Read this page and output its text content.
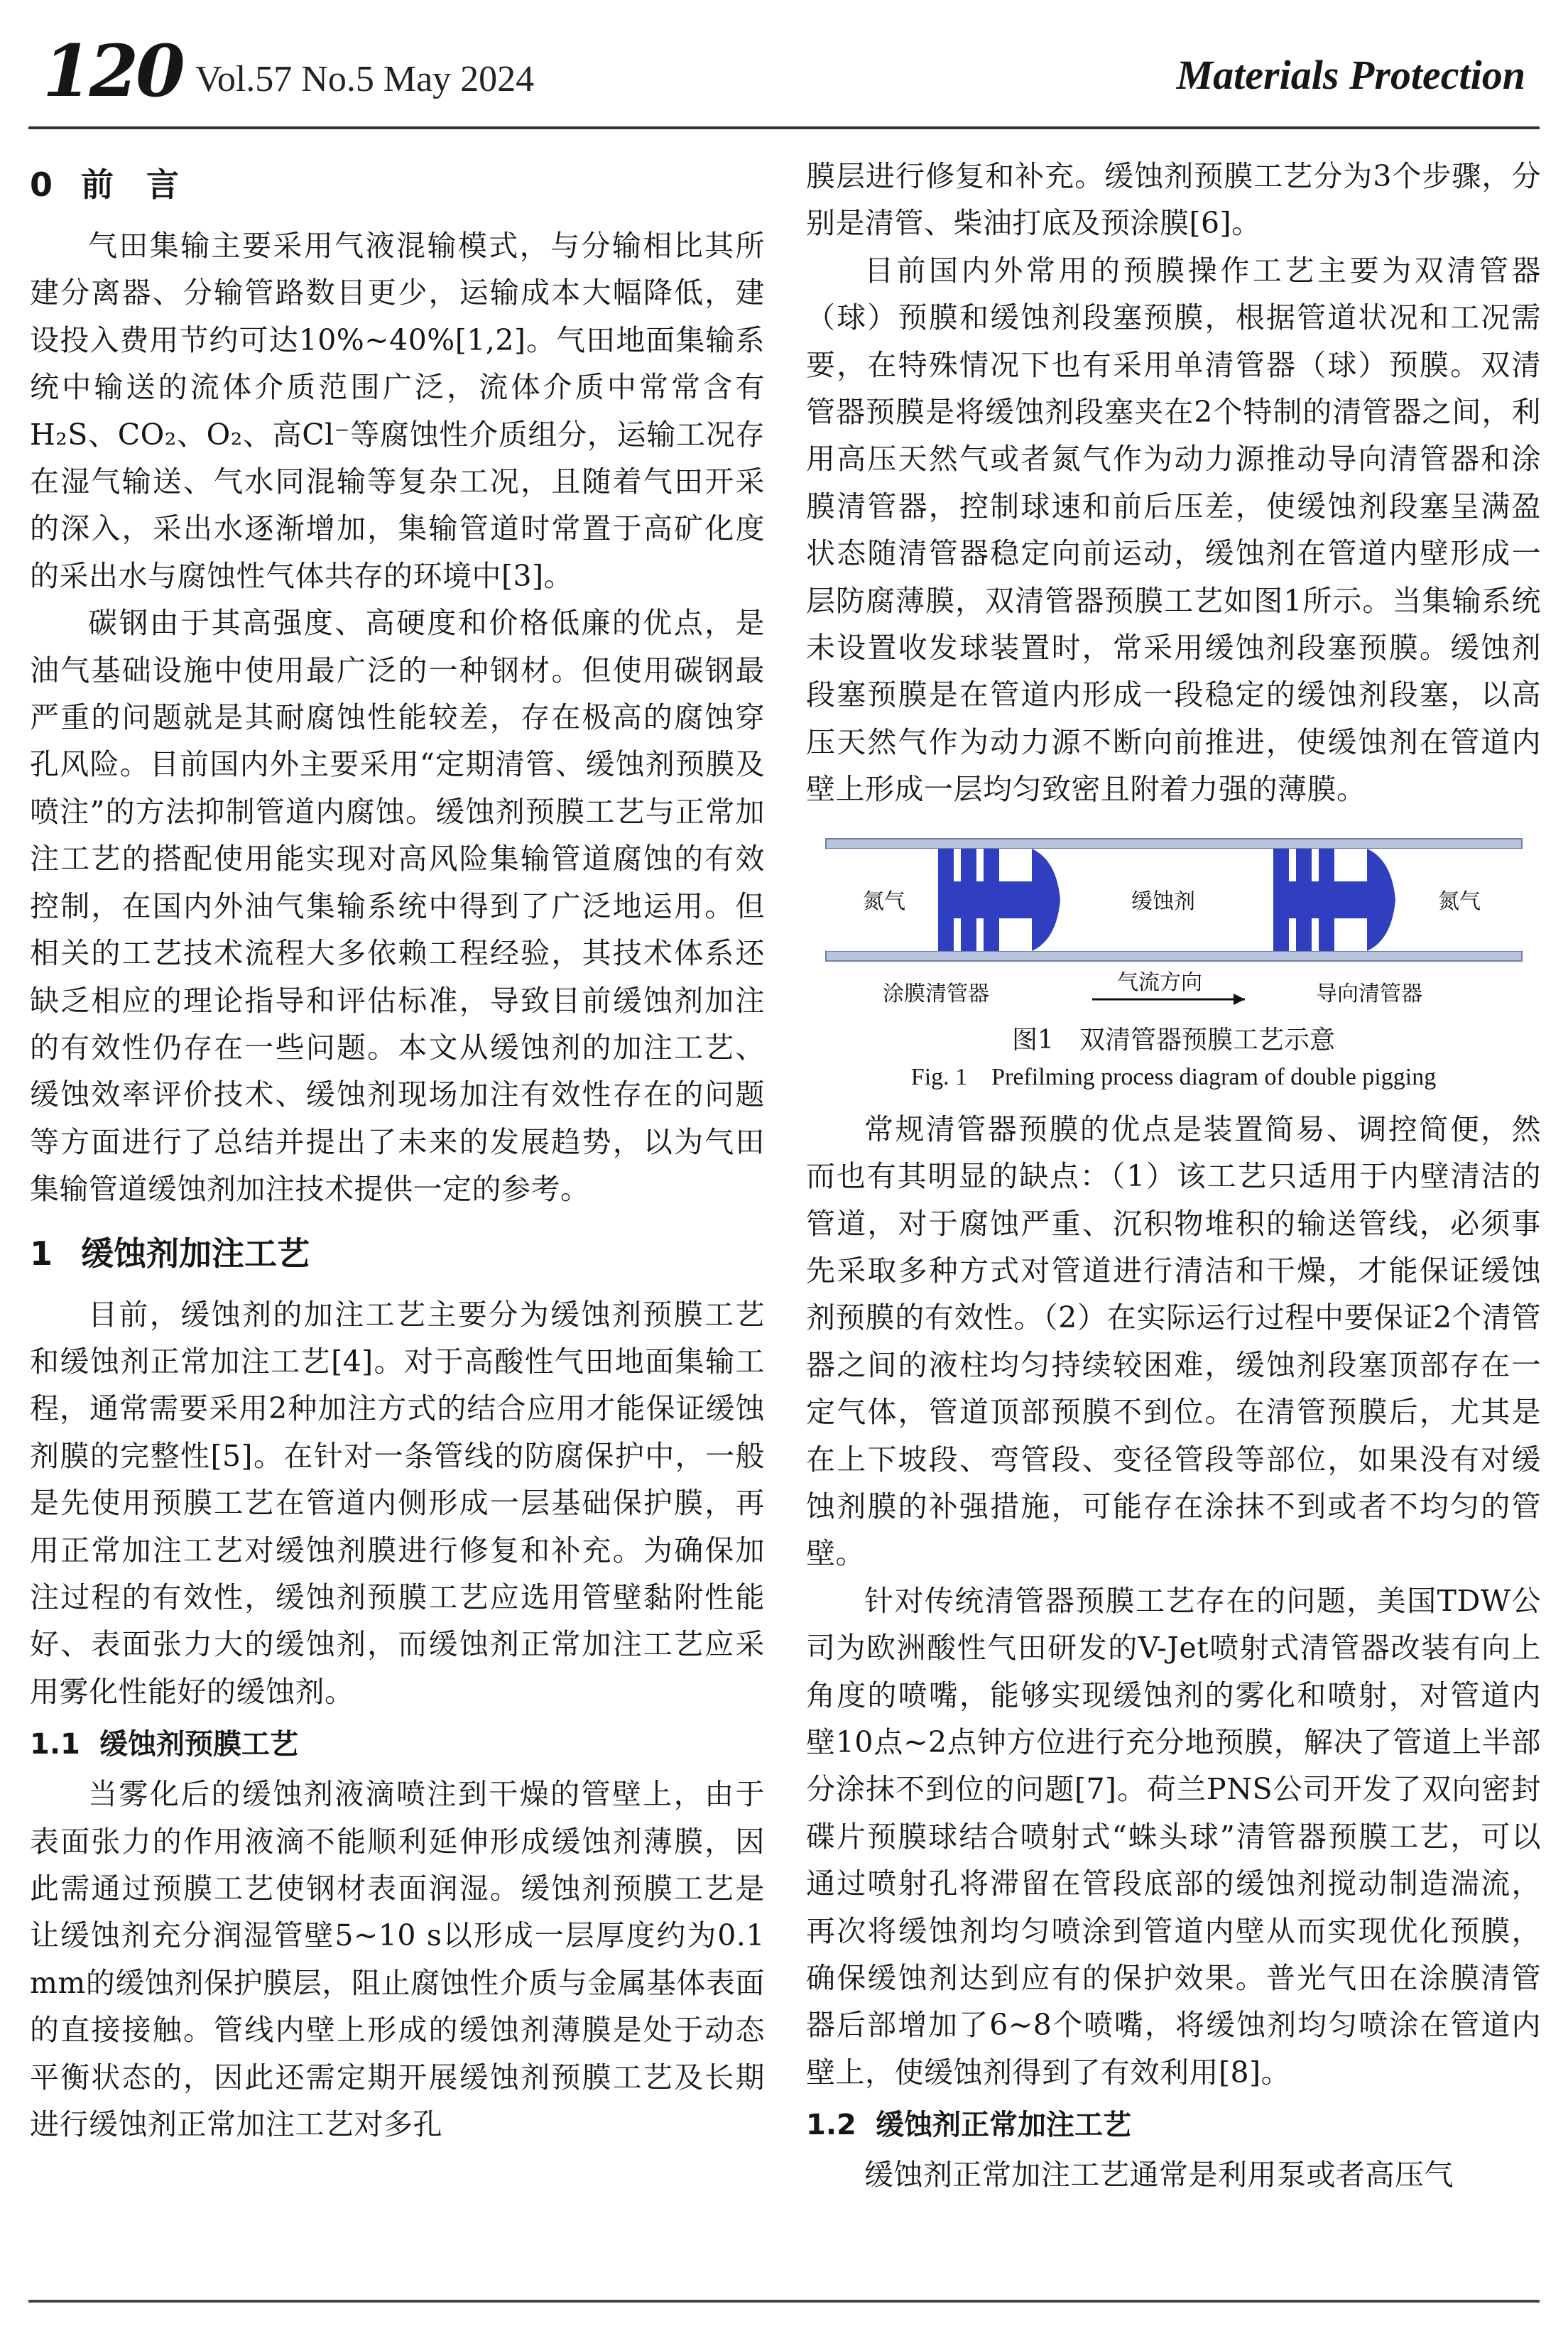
120 Vol.57 No.5 May 2024	Materials Protection
0 前　言

气田集输主要采用气液混输模式，与分输相比其所建分离器、分输管路数目更少，运输成本大幅降低，建设投入费用节约可达10%~40%[1,2]。气田地面集输系统中输送的流体介质范围广泛，流体介质中常常含有H₂S、CO₂、O₂、高Cl⁻等腐蚀性介质组分，运输工况存在湿气输送、气水同混输等复杂工况，且随着气田开采的深入，采出水逐渐增加，集输管道时常置于高矿化度的采出水与腐蚀性气体共存的环境中[3]。

碳钢由于其高强度、高硬度和价格低廉的优点，是油气基础设施中使用最广泛的一种钢材。但使用碳钢最严重的问题就是其耐腐蚀性能较差，存在极高的腐蚀穿孔风险。目前国内外主要采用“定期清管、缓蚀剂预膜及喷注”的方法抑制管道内腐蚀。缓蚀剂预膜工艺与正常加注工艺的搭配使用能实现对高风险集输管道腐蚀的有效控制，在国内外油气集输系统中得到了广泛地运用。但相关的工艺技术流程大多依赖工程经验，其技术体系还缺乏相应的理论指导和评估标准，导致目前缓蚀剂加注的有效性仍存在一些问题。本文从缓蚀剂的加注工艺、缓蚀效率评价技术、缓蚀剂现场加注有效性存在的问题等方面进行了总结并提出了未来的发展趋势，以为气田集输管道缓蚀剂加注技术提供一定的参考。

1 缓蚀剂加注工艺

目前，缓蚀剂的加注工艺主要分为缓蚀剂预膜工艺和缓蚀剂正常加注工艺[4]。对于高酸性气田地面集输工程，通常需要采用2种加注方式的结合应用才能保证缓蚀剂膜的完整性[5]。在针对一条管线的防腐保护中，一般是先使用预膜工艺在管道内侧形成一层基础保护膜，再用正常加注工艺对缓蚀剂膜进行修复和补充。为确保加注过程的有效性，缓蚀剂预膜工艺应选用管壁黏附性能好、表面张力大的缓蚀剂，而缓蚀剂正常加注工艺应采用雾化性能好的缓蚀剂。

1.1 缓蚀剂预膜工艺

当雾化后的缓蚀剂液滴喷注到干燥的管壁上，由于表面张力的作用液滴不能顺利延伸形成缓蚀剂薄膜，因此需通过预膜工艺使钢材表面润湿。缓蚀剂预膜工艺是让缓蚀剂充分润湿管壁5~10 s以形成一层厚度约为0.1 mm的缓蚀剂保护膜层，阻止腐蚀性介质与金属基体表面的直接接触。管线内壁上形成的缓蚀剂薄膜是处于动态平衡状态的，因此还需定期开展缓蚀剂预膜工艺及长期进行缓蚀剂正常加注工艺对多孔

膜层进行修复和补充。缓蚀剂预膜工艺分为3个步骤，分别是清管、柴油打底及预涂膜[6]。

目前国内外常用的预膜操作工艺主要为双清管器（球）预膜和缓蚀剂段塞预膜，根据管道状况和工况需要，在特殊情况下也有采用单清管器（球）预膜。双清管器预膜是将缓蚀剂段塞夹在2个特制的清管器之间，利用高压天然气或者氮气作为动力源推动导向清管器和涂膜清管器，控制球速和前后压差，使缓蚀剂段塞呈满盈状态随清管器稳定向前运动，缓蚀剂在管道内壁形成一层防腐薄膜，双清管器预膜工艺如图1所示。当集输系统未设置收发球装置时，常采用缓蚀剂段塞预膜。缓蚀剂段塞预膜是在管道内形成一段稳定的缓蚀剂段塞，以高压天然气作为动力源不断向前推进，使缓蚀剂在管道内壁上形成一层均匀致密且附着力强的薄膜。

氮气	缓蚀剂	氮气
涂膜清管器	气流方向	导向清管器
图1　双清管器预膜工艺示意
Fig. 1　Prefilming process diagram of double pigging

常规清管器预膜的优点是装置简易、调控简便，然而也有其明显的缺点：（1）该工艺只适用于内壁清洁的管道，对于腐蚀严重、沉积物堆积的输送管线，必须事先采取多种方式对管道进行清洁和干燥，才能保证缓蚀剂预膜的有效性。（2）在实际运行过程中要保证2个清管器之间的液柱均匀持续较困难，缓蚀剂段塞顶部存在一定气体，管道顶部预膜不到位。在清管预膜后，尤其是在上下坡段、弯管段、变径管段等部位，如果没有对缓蚀剂膜的补强措施，可能存在涂抹不到或者不均匀的管壁。

针对传统清管器预膜工艺存在的问题，美国TDW公司为欧洲酸性气田研发的V-Jet喷射式清管器改装有向上角度的喷嘴，能够实现缓蚀剂的雾化和喷射，对管道内壁10点~2点钟方位进行充分地预膜，解决了管道上半部分涂抹不到位的问题[7]。荷兰PNS公司开发了双向密封碟片预膜球结合喷射式“蛛头球”清管器预膜工艺，可以通过喷射孔将滞留在管段底部的缓蚀剂搅动制造湍流，再次将缓蚀剂均匀喷涂到管道内壁从而实现优化预膜，确保缓蚀剂达到应有的保护效果。普光气田在涂膜清管器后部增加了6~8个喷嘴，将缓蚀剂均匀喷涂在管道内壁上，使缓蚀剂得到了有效利用[8]。

1.2 缓蚀剂正常加注工艺

缓蚀剂正常加注工艺通常是利用泵或者高压气
